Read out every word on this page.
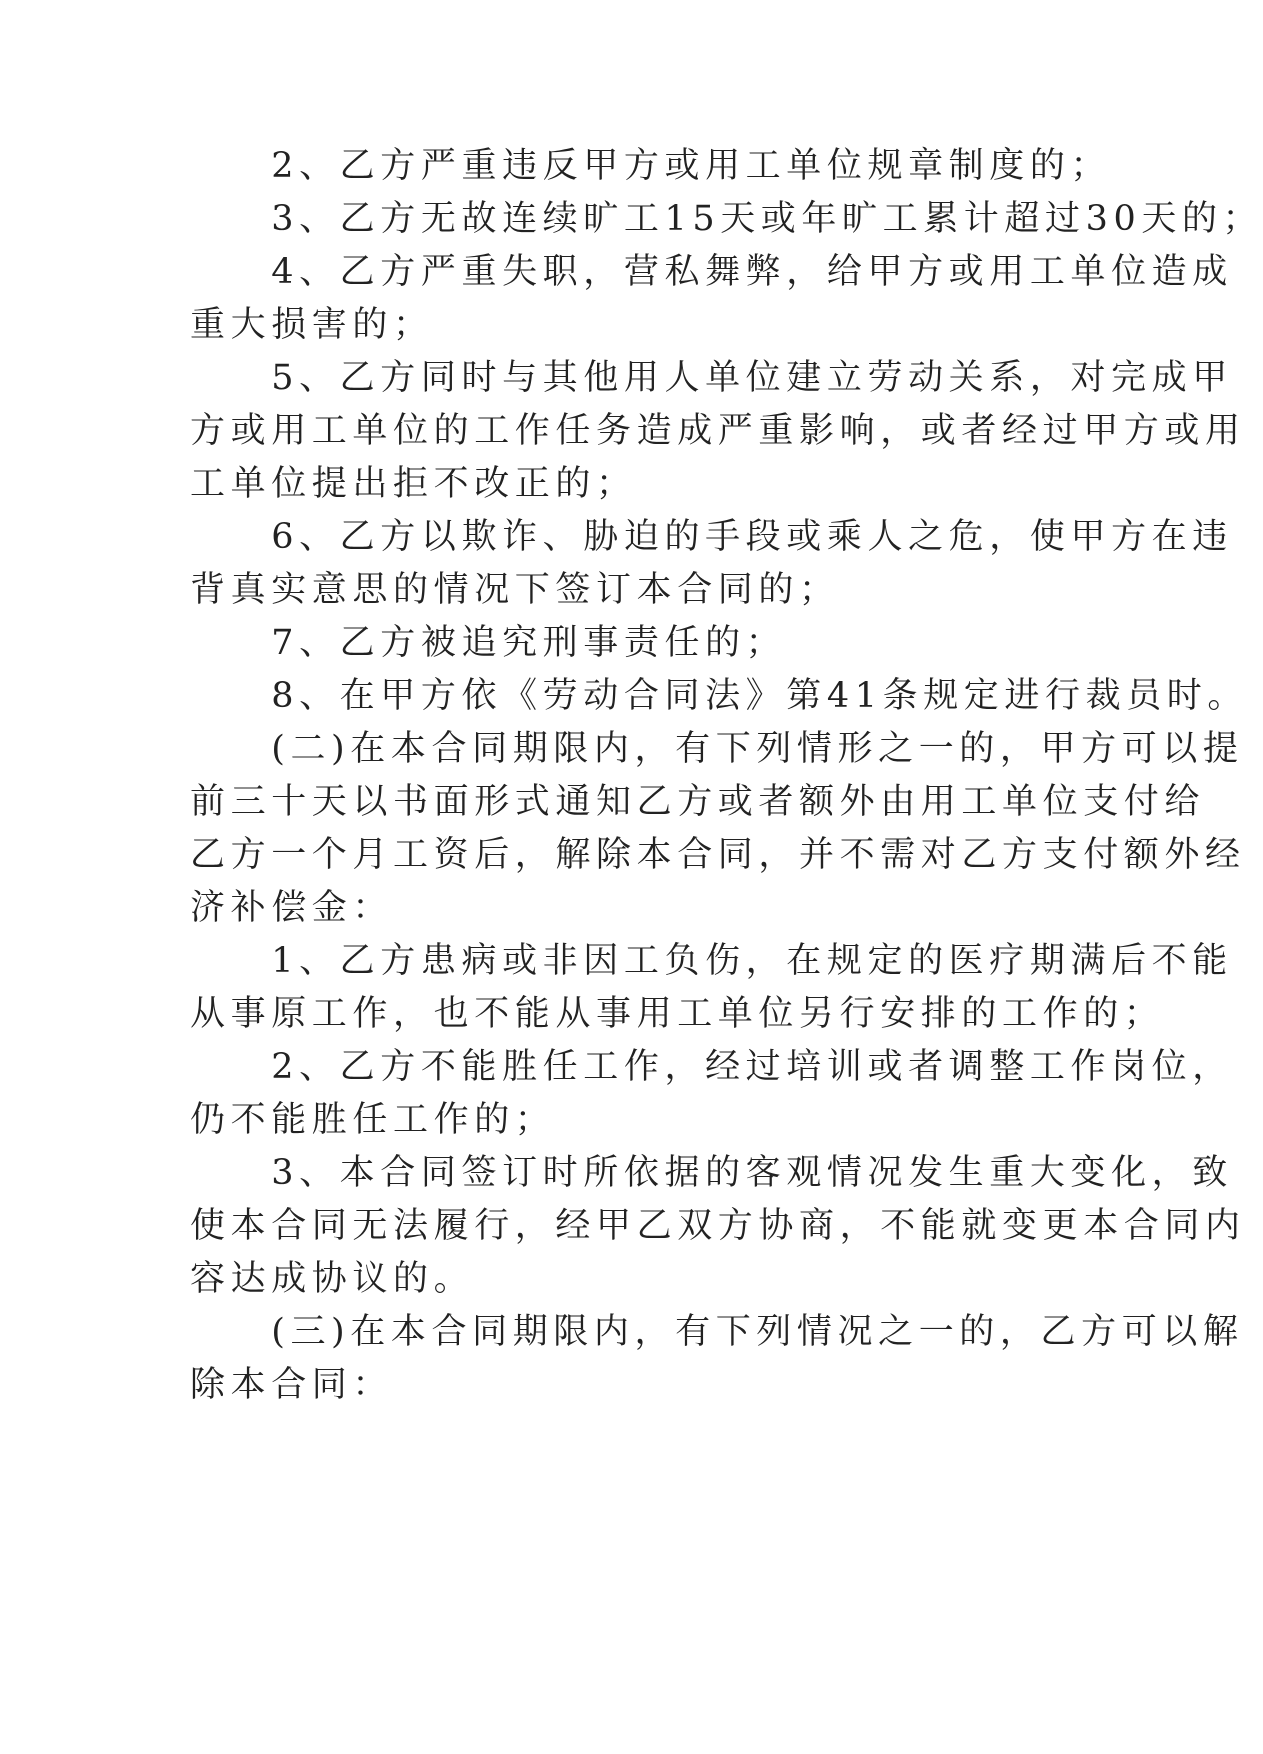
　　2、乙方严重违反甲方或用工单位规章制度的；
　　3、乙方无故连续旷工15天或年旷工累计超过30天的；
　　4、乙方严重失职，营私舞弊，给甲方或用工单位造成
重大损害的；
　　5、乙方同时与其他用人单位建立劳动关系，对完成甲
方或用工单位的工作任务造成严重影响，或者经过甲方或用
工单位提出拒不改正的；
　　6、乙方以欺诈、胁迫的手段或乘人之危，使甲方在违
背真实意思的情况下签订本合同的；
　　7、乙方被追究刑事责任的；
　　8、在甲方依《劳动合同法》第41条规定进行裁员时。
　　(二)在本合同期限内，有下列情形之一的，甲方可以提
前三十天以书面形式通知乙方或者额外由用工单位支付给
乙方一个月工资后，解除本合同，并不需对乙方支付额外经
济补偿金：
　　1、乙方患病或非因工负伤，在规定的医疗期满后不能
从事原工作，也不能从事用工单位另行安排的工作的；
　　2、乙方不能胜任工作，经过培训或者调整工作岗位，
仍不能胜任工作的；
　　3、本合同签订时所依据的客观情况发生重大变化，致
使本合同无法履行，经甲乙双方协商，不能就变更本合同内
容达成协议的。
　　(三)在本合同期限内，有下列情况之一的，乙方可以解
除本合同：
